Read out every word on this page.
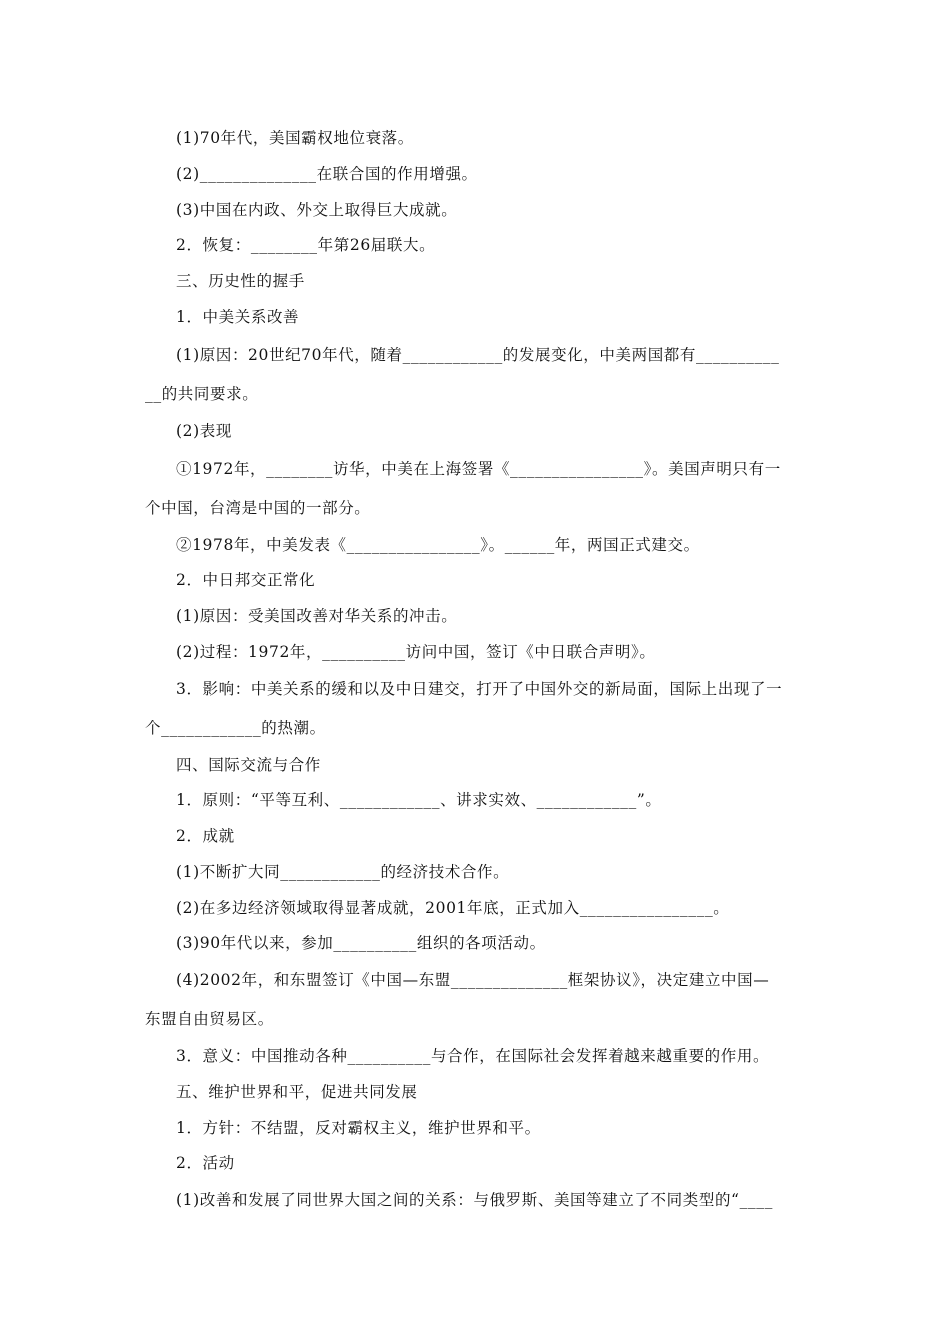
(1)70年代，美国霸权地位衰落。
(2)______________在联合国的作用增强。
(3)中国在内政、外交上取得巨大成就。
2．恢复：________年第26届联大。
三、历史性的握手
1．中美关系改善
(1)原因：20世纪70年代，随着____________的发展变化，中美两国都有__________
__的共同要求。
(2)表现
①1972年，________访华，中美在上海签署《________________》。美国声明只有一
个中国，台湾是中国的一部分。
②1978年，中美发表《________________》。______年，两国正式建交。
2．中日邦交正常化
(1)原因：受美国改善对华关系的冲击。
(2)过程：1972年，__________访问中国，签订《中日联合声明》。
3．影响：中美关系的缓和以及中日建交，打开了中国外交的新局面，国际上出现了一
个____________的热潮。
四、国际交流与合作
1．原则：“平等互利、____________、讲求实效、____________”。
2．成就
(1)不断扩大同____________的经济技术合作。
(2)在多边经济领域取得显著成就，2001年底，正式加入________________。
(3)90年代以来，参加__________组织的各项活动。
(4)2002年，和东盟签订《中国—东盟______________框架协议》，决定建立中国—
东盟自由贸易区。
3．意义：中国推动各种__________与合作，在国际社会发挥着越来越重要的作用。
五、维护世界和平，促进共同发展
1．方针：不结盟，反对霸权主义，维护世界和平。
2．活动
(1)改善和发展了同世界大国之间的关系：与俄罗斯、美国等建立了不同类型的“____
